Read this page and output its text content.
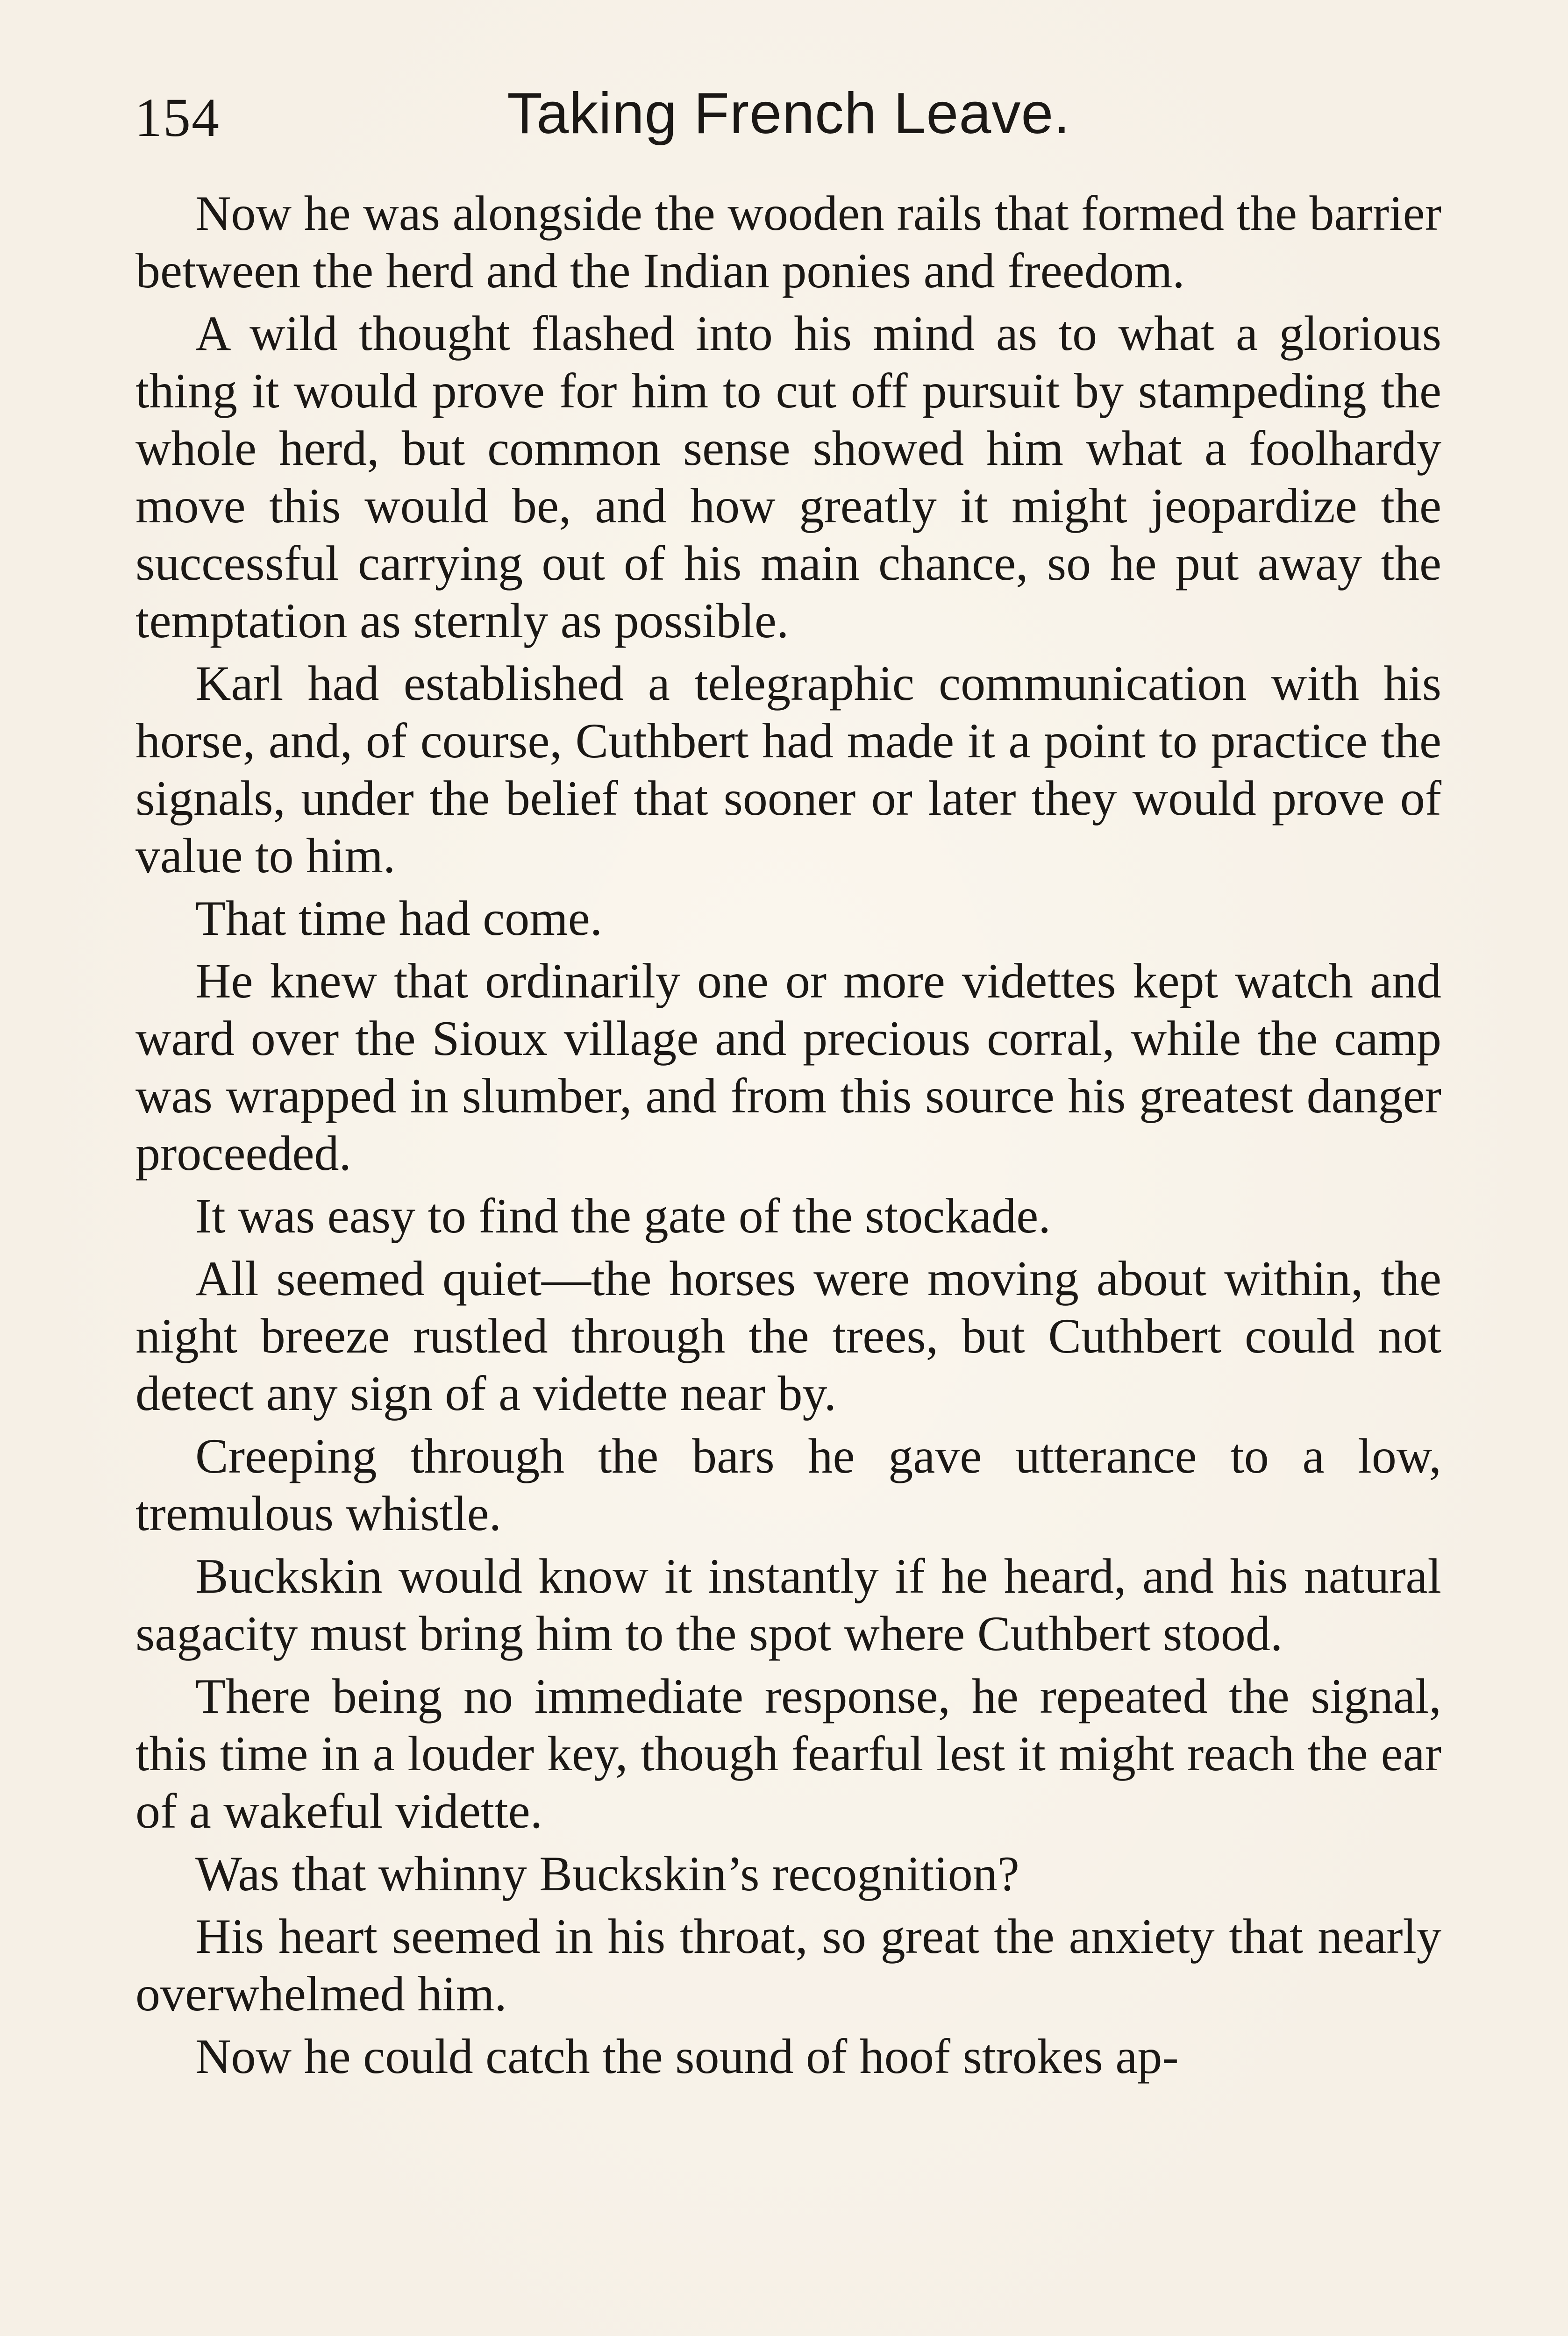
154	Taking French Leave.

Now he was alongside the wooden rails that formed the barrier between the herd and the Indian ponies and freedom.

A wild thought flashed into his mind as to what a glorious thing it would prove for him to cut off pursuit by stampeding the whole herd, but common sense showed him what a foolhardy move this would be, and how greatly it might jeopardize the successful carrying out of his main chance, so he put away the temptation as sternly as possible.

Karl had established a telegraphic communication with his horse, and, of course, Cuthbert had made it a point to practice the signals, under the belief that sooner or later they would prove of value to him.

That time had come.

He knew that ordinarily one or more videttes kept watch and ward over the Sioux village and precious corral, while the camp was wrapped in slumber, and from this source his greatest danger proceeded.

It was easy to find the gate of the stockade.

All seemed quiet—the horses were moving about within, the night breeze rustled through the trees, but Cuthbert could not detect any sign of a vidette near by.

Creeping through the bars he gave utterance to a low, tremulous whistle.

Buckskin would know it instantly if he heard, and his natural sagacity must bring him to the spot where Cuthbert stood.

There being no immediate response, he repeated the signal, this time in a louder key, though fearful lest it might reach the ear of a wakeful vidette.

Was that whinny Buckskin’s recognition?

His heart seemed in his throat, so great the anxiety that nearly overwhelmed him.

Now he could catch the sound of hoof strokes ap-
